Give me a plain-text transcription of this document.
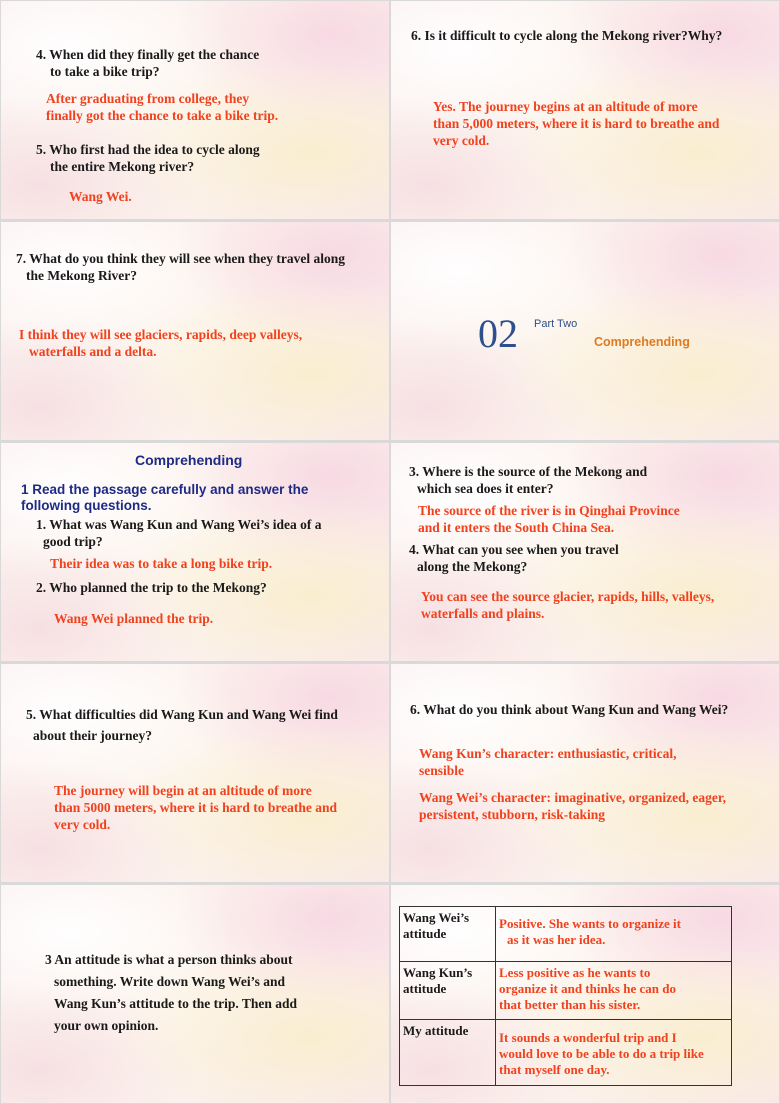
4. When did they finally get the chance

to take a bike trip?
After graduating from college, they
finally got the chance to take a bike trip.
5. Who first had the idea to cycle along

the entire Mekong river?
Wang Wei.
6. Is it difficult to cycle along the Mekong river?Why?
Yes. The journey begins at an altitude of more
than 5,000 meters, where it is hard to breathe and
very cold.
7. What do you think they will see when they travel along
the Mekong River?
I think they will see glaciers, rapids, deep valleys,
waterfalls and a delta.	02 Part Two
Comprehending
Comprehending
1 Read the passage carefully and answer the
following questions.
1. What was Wang Kun and Wang Wei’s idea of a
good trip?
Their idea was to take a long bike trip.
2. Who planned the trip to the Mekong?
Wang Wei planned the trip.
3. Where is the source of the Mekong and
which sea does it enter?
The source of the river is in Qinghai Province
and it enters the South China Sea.
4. What can you see when you travel
along the Mekong?
You can see the source glacier, rapids, hills, valleys,
waterfalls and plains.
5. What difficulties did Wang Kun and Wang Wei find
about their journey?
The journey will begin at an altitude of more
than 5000 meters, where it is hard to breathe and
very cold.
6. What do you think about Wang Kun and Wang Wei?
Wang Kun’s character: enthusiastic, critical,
sensible
Wang Wei’s character: imaginative, organized, eager,
persistent, stubborn, risk-taking
3 An attitude is what a person thinks about
something. Write down Wang Wei’s and
Wang Kun’s attitude to the trip. Then add
your own opinion.
Wang Wei’s
attitude	Positive. She wants to organize it
as it was her idea.
Wang Kun’s
attitude	Less positive as he wants to
organize it and thinks he can do
that better than his sister.
My attitude	It sounds a wonderful trip and I
would love to be able to do a trip like
that myself one day.
